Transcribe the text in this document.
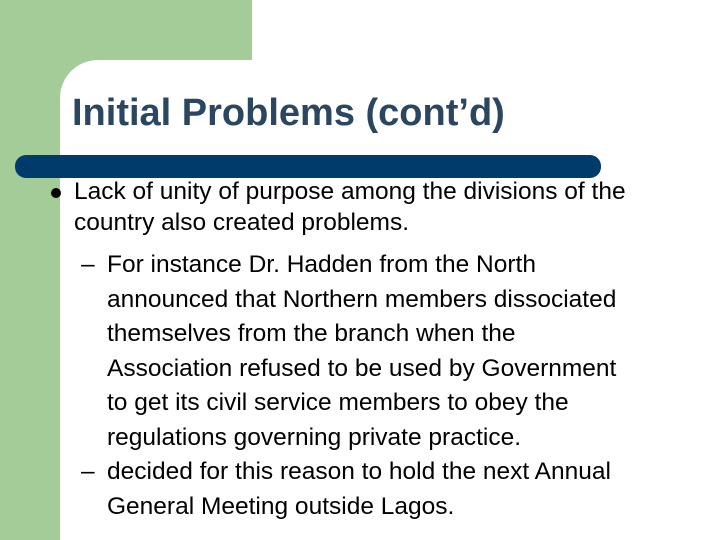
Initial Problems (cont’d)
Lack of unity of purpose among the divisions of the
country also created problems.
– For instance Dr. Hadden from the North
announced that Northern members dissociated
themselves from the branch when the
Association refused to be used by Government
to get its civil service members to obey the
regulations governing private practice.
– decided for this reason to hold the next Annual
General Meeting outside Lagos.
